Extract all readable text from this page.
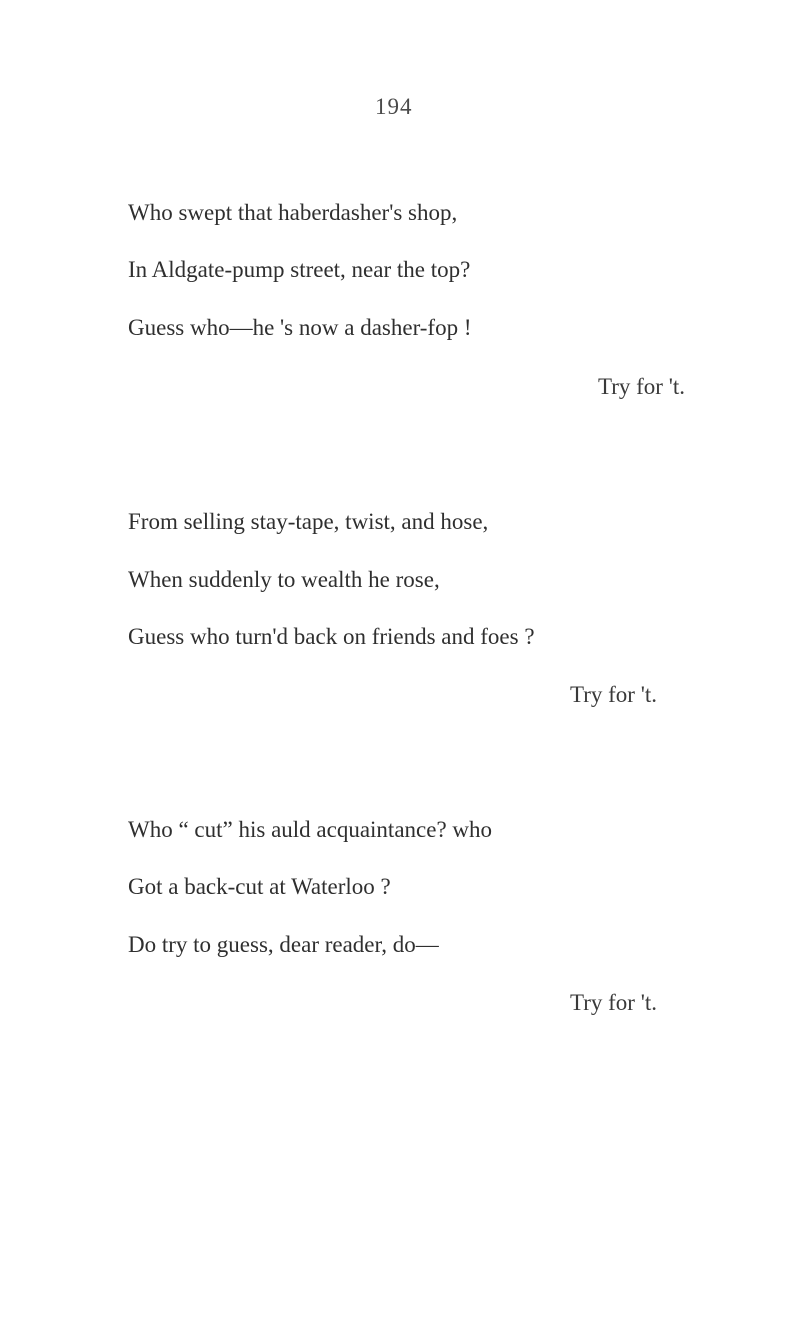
194
Who swept that haberdasher's shop,
In Aldgate-pump street, near the top?
Guess who—he 's now a dasher-fop !
Try for 't.
From selling stay-tape, twist, and hose,
When suddenly to wealth he rose,
Guess who turn'd back on friends and foes ?
Try for 't.
Who “ cut” his auld acquaintance? who
Got a back-cut at Waterloo ?
Do try to guess, dear reader, do—
Try for 't.
